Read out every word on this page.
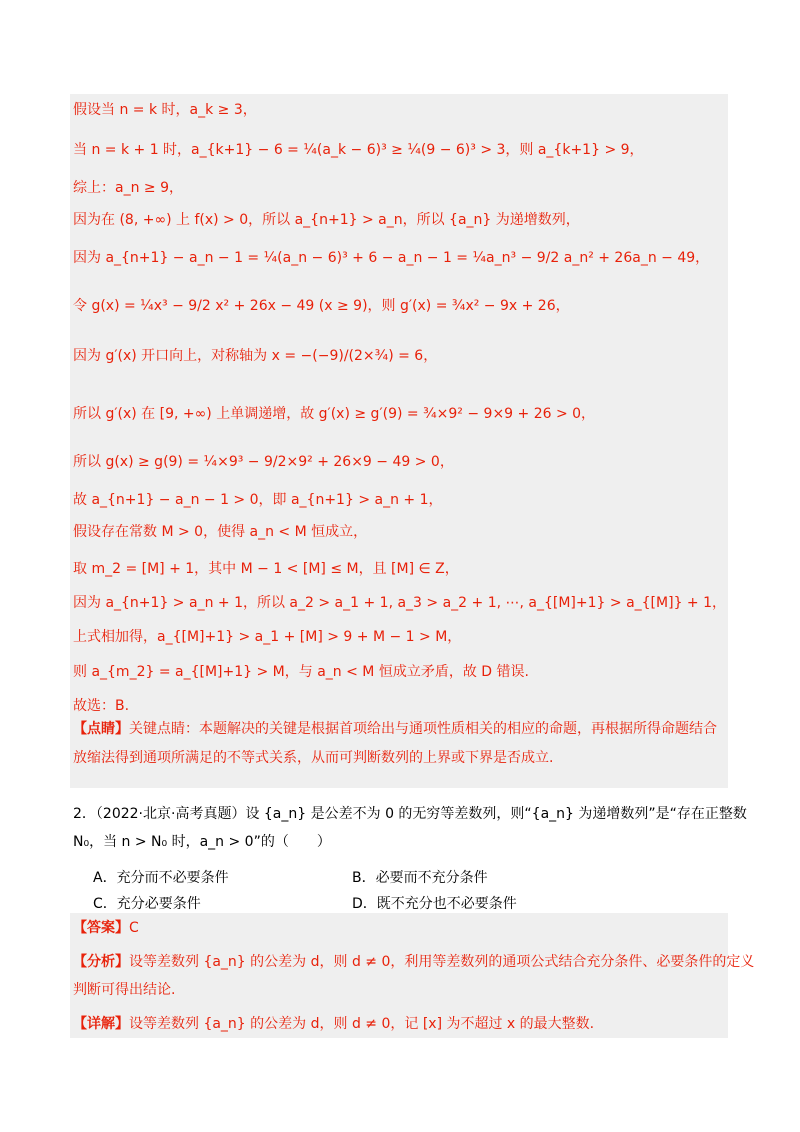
假设当 n = k 时，a_k ≥ 3，
当 n = k + 1 时，a_{k+1} − 6 = ¼(a_k − 6)³ ≥ ¼(9 − 6)³ > 3，则 a_{k+1} > 9，
综上：a_n ≥ 9，
因为在 (8, +∞) 上 f(x) > 0，所以 a_{n+1} > a_n，所以 {a_n} 为递增数列，
因为 a_{n+1} − a_n − 1 = ¼(a_n − 6)³ + 6 − a_n − 1 = ¼a_n³ − 9/2 a_n² + 26a_n − 49，
令 g(x) = ¼x³ − 9/2 x² + 26x − 49 (x ≥ 9)，则 g′(x) = ¾x² − 9x + 26，
因为 g′(x) 开口向上，对称轴为 x = −(−9)/(2×¾) = 6，
所以 g′(x) 在 [9, +∞) 上单调递增，故 g′(x) ≥ g′(9) = ¾×9² − 9×9 + 26 > 0，
所以 g(x) ≥ g(9) = ¼×9³ − 9/2×9² + 26×9 − 49 > 0，
故 a_{n+1} − a_n − 1 > 0，即 a_{n+1} > a_n + 1，
假设存在常数 M > 0，使得 a_n < M 恒成立，
取 m_2 = [M] + 1，其中 M − 1 < [M] ≤ M，且 [M] ∈ Z，
因为 a_{n+1} > a_n + 1，所以 a_2 > a_1 + 1, a_3 > a_2 + 1, ⋯, a_{[M]+1} > a_{[M]} + 1，
上式相加得，a_{[M]+1} > a_1 + [M] > 9 + M − 1 > M，
则 a_{m_2} = a_{[M]+1} > M，与 a_n < M 恒成立矛盾，故 D 错误.
故选：B.
【点睛】关键点睛：本题解决的关键是根据首项给出与通项性质相关的相应的命题，再根据所得命题结合
放缩法得到通项所满足的不等式关系，从而可判断数列的上界或下界是否成立.
2．（2022·北京·高考真题）设 {a_n} 是公差不为 0 的无穷等差数列，则“{a_n} 为递增数列”是“存在正整数
N₀，当 n > N₀ 时，a_n > 0”的（　　）
A．充分而不必要条件	B．必要而不充分条件
C．充分必要条件	D．既不充分也不必要条件
【答案】C
【分析】设等差数列 {a_n} 的公差为 d，则 d ≠ 0，利用等差数列的通项公式结合充分条件、必要条件的定义
判断可得出结论.
【详解】设等差数列 {a_n} 的公差为 d，则 d ≠ 0，记 [x] 为不超过 x 的最大整数.
